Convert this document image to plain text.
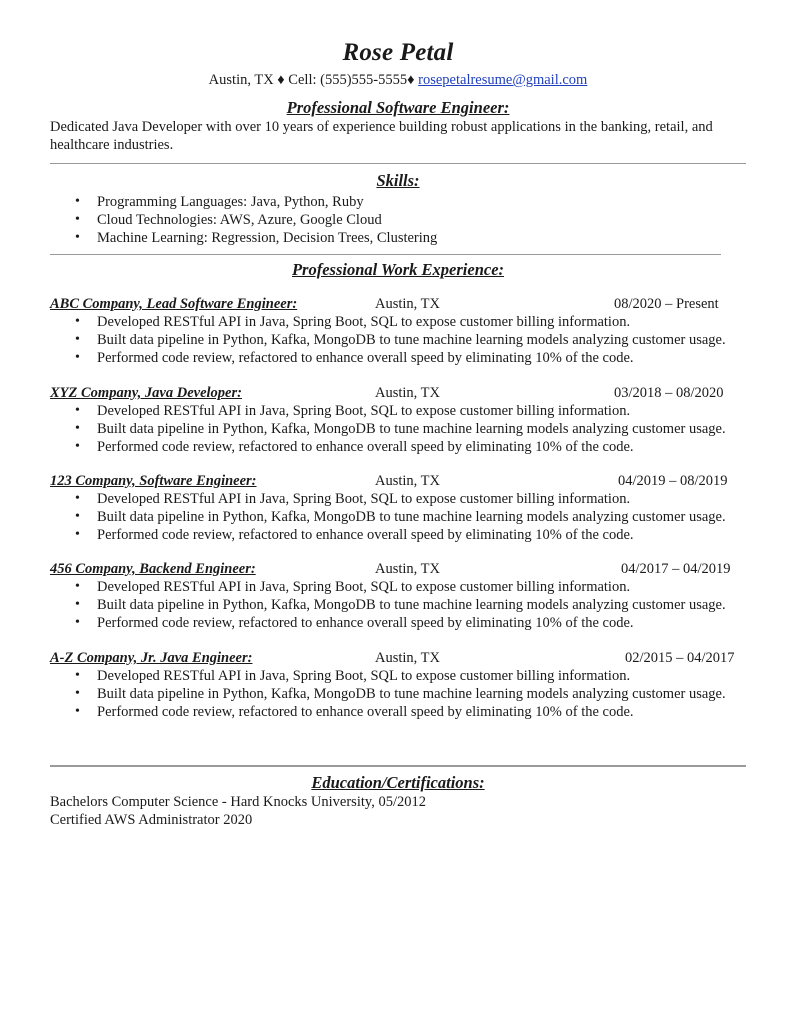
Rose Petal
Austin, TX ♦ Cell: (555)555-5555♦ rosepetalresume@gmail.com
Professional Software Engineer:

Dedicated Java Developer with over 10 years of experience building robust applications in the banking, retail, and healthcare industries.

Skills:
• Programming Languages: Java, Python, Ruby
• Cloud Technologies: AWS, Azure, Google Cloud
• Machine Learning: Regression, Decision Trees, Clustering
Professional Work Experience:
ABC Company, Lead Software Engineer:	Austin, TX	08/2020 – Present
• Developed RESTful API in Java, Spring Boot, SQL to expose customer billing information.
• Built data pipeline in Python, Kafka, MongoDB to tune machine learning models analyzing customer usage.
• Performed code review, refactored to enhance overall speed by eliminating 10% of the code.
XYZ Company, Java Developer:	Austin, TX	03/2018 – 08/2020
• Developed RESTful API in Java, Spring Boot, SQL to expose customer billing information.
• Built data pipeline in Python, Kafka, MongoDB to tune machine learning models analyzing customer usage.
• Performed code review, refactored to enhance overall speed by eliminating 10% of the code.
123 Company, Software Engineer:	Austin, TX	04/2019 – 08/2019
• Developed RESTful API in Java, Spring Boot, SQL to expose customer billing information.
• Built data pipeline in Python, Kafka, MongoDB to tune machine learning models analyzing customer usage.
• Performed code review, refactored to enhance overall speed by eliminating 10% of the code.
456 Company, Backend Engineer:	Austin, TX	04/2017 – 04/2019
• Developed RESTful API in Java, Spring Boot, SQL to expose customer billing information.
• Built data pipeline in Python, Kafka, MongoDB to tune machine learning models analyzing customer usage.
• Performed code review, refactored to enhance overall speed by eliminating 10% of the code.
A-Z Company, Jr. Java Engineer:	Austin, TX	02/2015 – 04/2017
• Developed RESTful API in Java, Spring Boot, SQL to expose customer billing information.
• Built data pipeline in Python, Kafka, MongoDB to tune machine learning models analyzing customer usage.
• Performed code review, refactored to enhance overall speed by eliminating 10% of the code.
Education/Certifications:

Bachelors Computer Science - Hard Knocks University, 05/2012

Certified AWS Administrator 2020
